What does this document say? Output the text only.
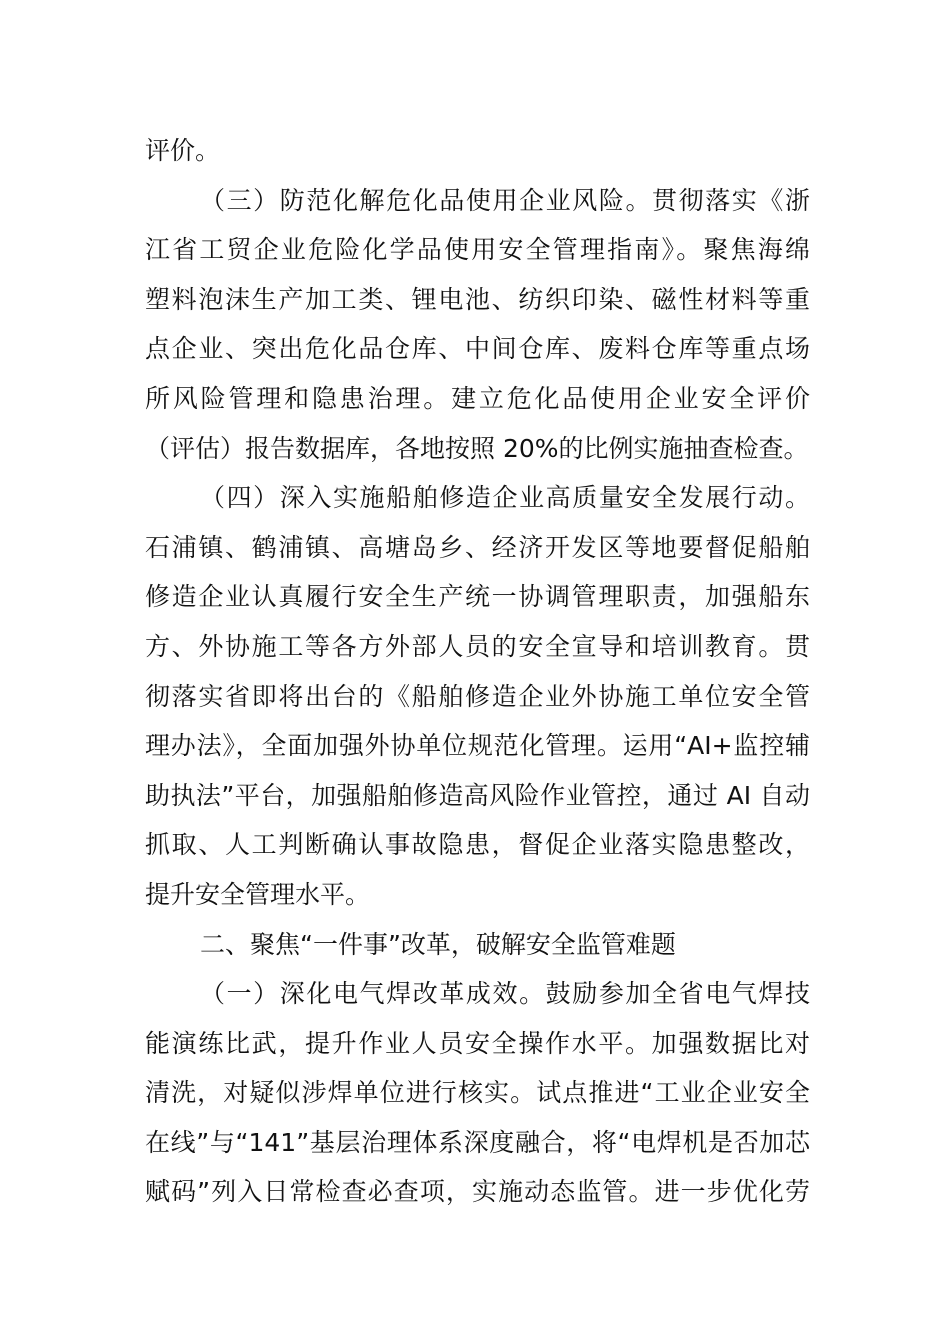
评价。
（三）防范化解危化品使用企业风险。贯彻落实《浙
江省工贸企业危险化学品使用安全管理指南》。聚焦海绵
塑料泡沫生产加工类、锂电池、纺织印染、磁性材料等重
点企业、突出危化品仓库、中间仓库、废料仓库等重点场
所风险管理和隐患治理。建立危化品使用企业安全评价
（评估）报告数据库，各地按照 20%的比例实施抽查检查。
（四）深入实施船舶修造企业高质量安全发展行动。
石浦镇、鹤浦镇、高塘岛乡、经济开发区等地要督促船舶
修造企业认真履行安全生产统一协调管理职责，加强船东
方、外协施工等各方外部人员的安全宣导和培训教育。贯
彻落实省即将出台的《船舶修造企业外协施工单位安全管
理办法》，全面加强外协单位规范化管理。运用“AI+监控辅
助执法”平台，加强船舶修造高风险作业管控，通过 AI 自动
抓取、人工判断确认事故隐患，督促企业落实隐患整改，
提升安全管理水平。
二、聚焦“一件事”改革，破解安全监管难题
（一）深化电气焊改革成效。鼓励参加全省电气焊技
能演练比武，提升作业人员安全操作水平。加强数据比对
清洗，对疑似涉焊单位进行核实。试点推进“工业企业安全
在线”与“141”基层治理体系深度融合，将“电焊机是否加芯
赋码”列入日常检查必查项，实施动态监管。进一步优化劳
